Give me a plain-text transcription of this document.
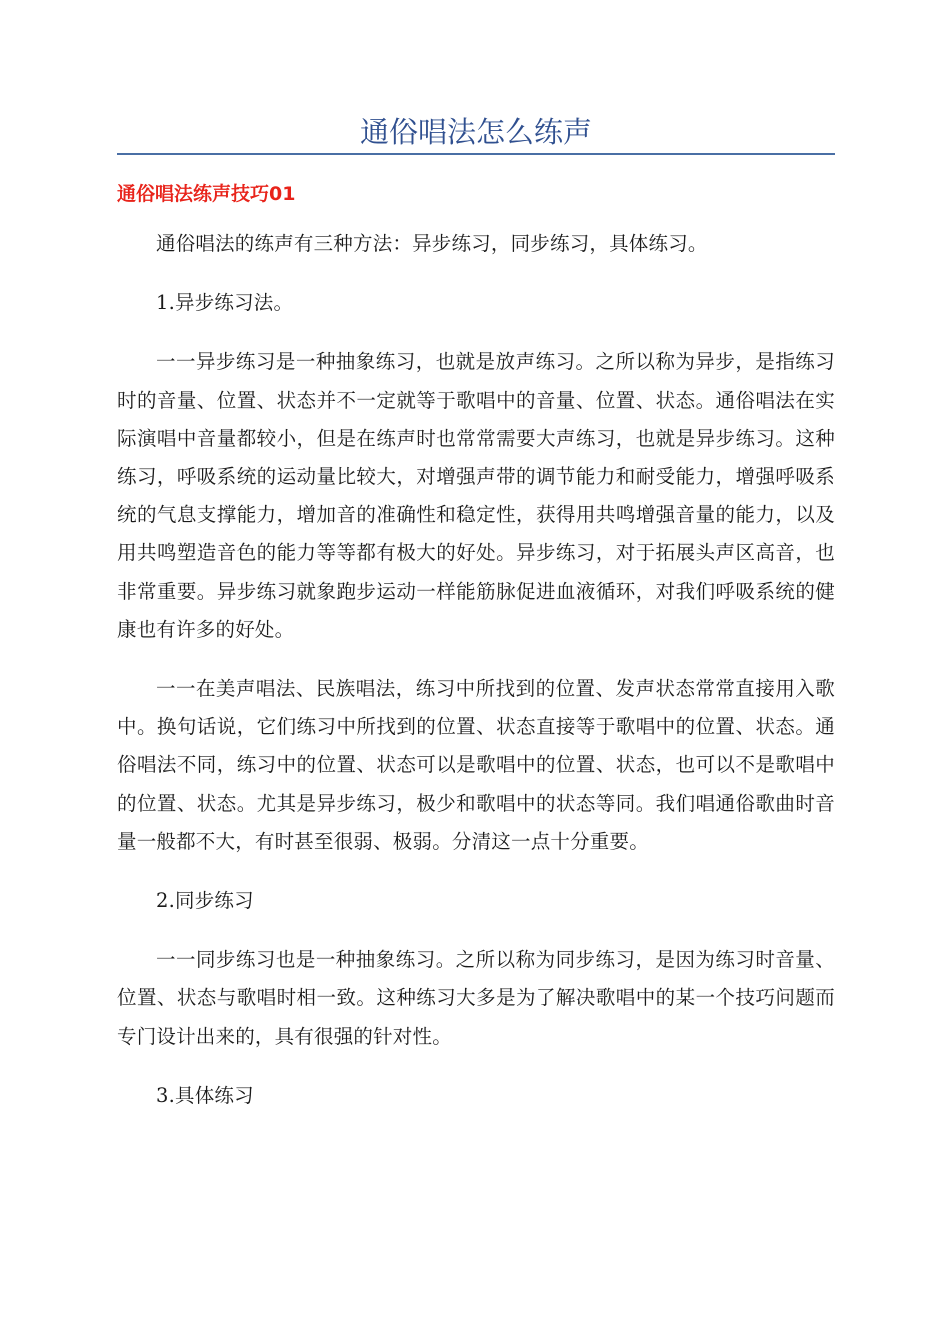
通俗唱法怎么练声
通俗唱法练声技巧01

通俗唱法的练声有三种方法：异步练习，同步练习，具体练习。

1.异步练习法。

一一异步练习是一种抽象练习，也就是放声练习。之所以称为异步，是指练习时的音量、位置、状态并不一定就等于歌唱中的音量、位置、状态。通俗唱法在实际演唱中音量都较小，但是在练声时也常常需要大声练习，也就是异步练习。这种练习，呼吸系统的运动量比较大，对增强声带的调节能力和耐受能力，增强呼吸系统的气息支撑能力，增加音的准确性和稳定性，获得用共鸣增强音量的能力，以及用共鸣塑造音色的能力等等都有极大的好处。异步练习，对于拓展头声区高音，也非常重要。异步练习就象跑步运动一样能筋脉促进血液循环，对我们呼吸系统的健康也有许多的好处。

一一在美声唱法、民族唱法，练习中所找到的位置、发声状态常常直接用入歌中。换句话说，它们练习中所找到的位置、状态直接等于歌唱中的位置、状态。通俗唱法不同，练习中的位置、状态可以是歌唱中的位置、状态，也可以不是歌唱中的位置、状态。尤其是异步练习，极少和歌唱中的状态等同。我们唱通俗歌曲时音量一般都不大，有时甚至很弱、极弱。分清这一点十分重要。

2.同步练习

一一同步练习也是一种抽象练习。之所以称为同步练习，是因为练习时音量、位置、状态与歌唱时相一致。这种练习大多是为了解决歌唱中的某一个技巧问题而专门设计出来的，具有很强的针对性。

3.具体练习
